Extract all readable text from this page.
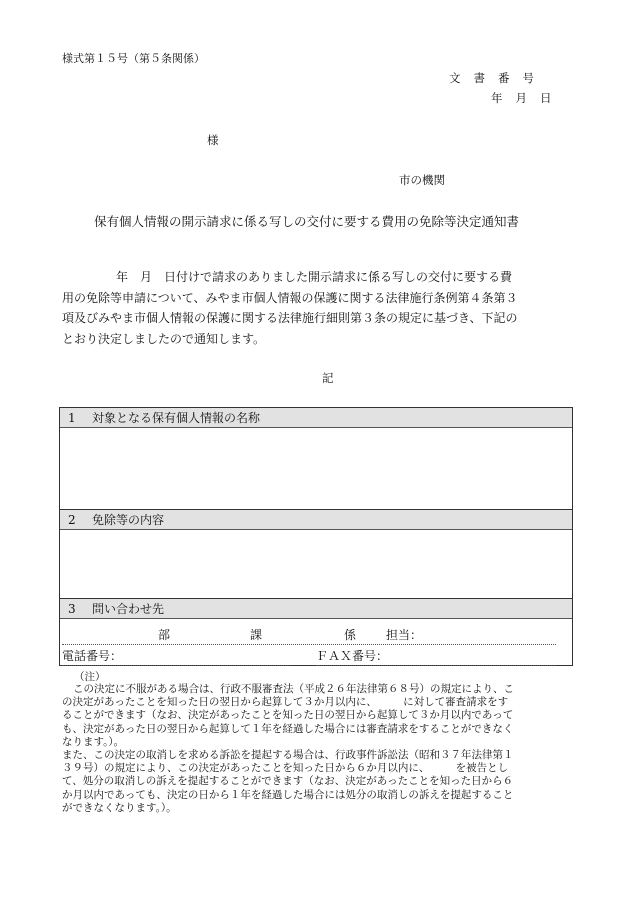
様式第１５号（第５条関係）
文書番号
年月日
様
市の機関
保有個人情報の開示請求に係る写しの交付に要する費用の免除等決定通知書

年　月　日付けで請求のありました開示請求に係る写しの交付に要する費

用の免除等申請について、みやま市個人情報の保護に関する法律施行条例第４条第３

項及びみやま市個人情報の保護に関する法律施行細則第３条の規定に基づき、下記の

とおり決定しましたので通知します。

記
1 対象となる保有個人情報の名称
2 免除等の内容
3 問い合わせ先
部	課	係 担当：
電話番号：	ＦＡＸ番号：
（注）

この決定に不服がある場合は、行政不服審査法（平成２６年法律第６８号）の規定により、こ

の決定があったことを知った日の翌日から起算して３か月以内に、　　　に対して審査請求をす

ることができます（なお、決定があったことを知った日の翌日から起算して３か月以内であって

も、決定があった日の翌日から起算して１年を経過した場合には審査請求をすることができなく

なります。）。

また、この決定の取消しを求める訴訟を提起する場合は、行政事件訴訟法（昭和３７年法律第１

３９号）の規定により、この決定があったことを知った日から６か月以内に、　　　を被告とし

て、処分の取消しの訴えを提起することができます（なお、決定があったことを知った日から６

か月以内であっても、決定の日から１年を経過した場合には処分の取消しの訴えを提起すること

ができなくなります。）。
